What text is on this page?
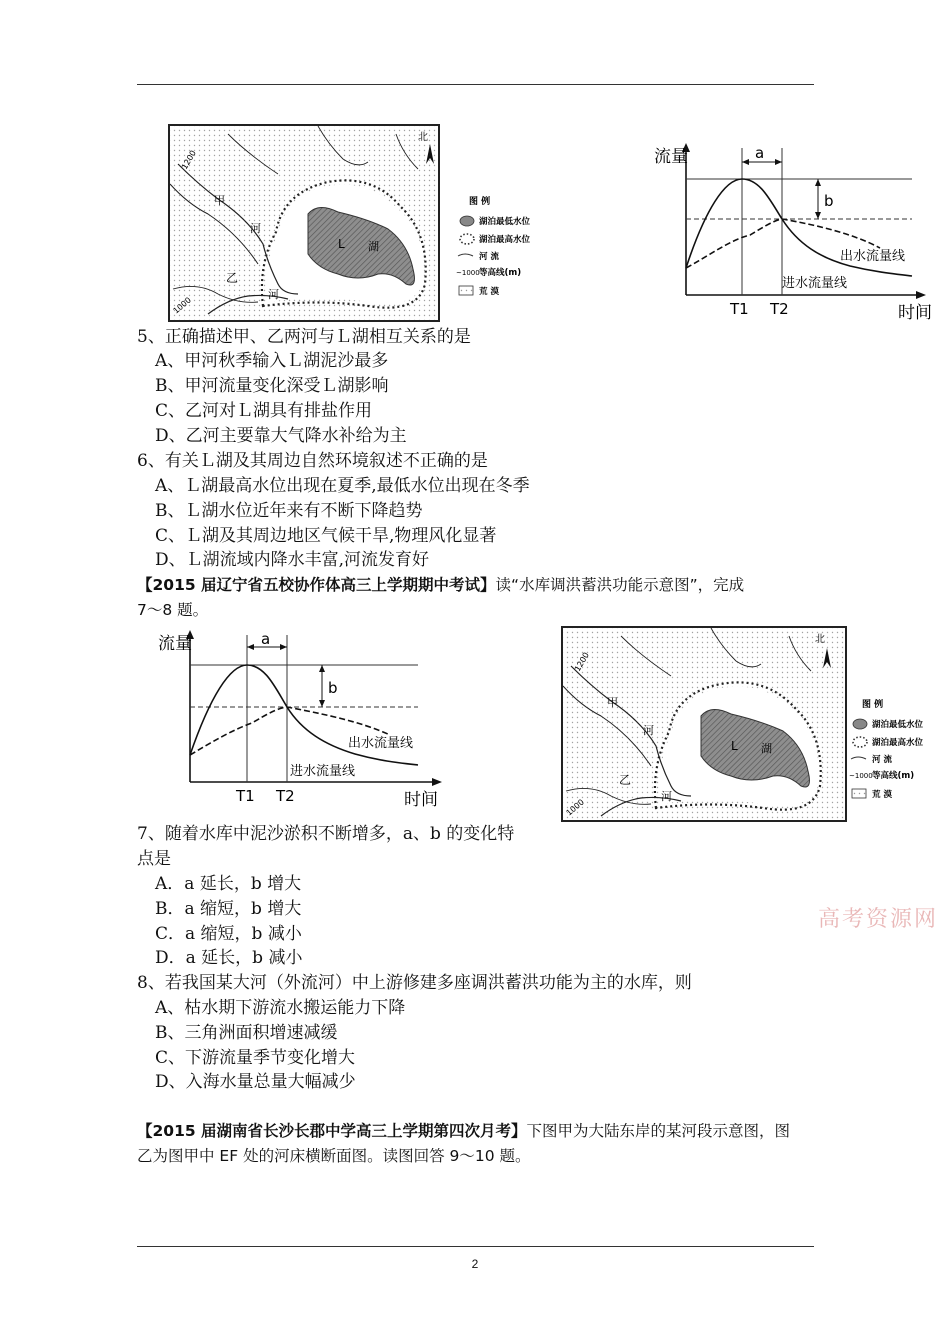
北
1200
1000
甲
河
乙
河
L 湖
图 例
湖泊最低水位
湖泊最高水位
河 流
~1000 等高线(m)
荒 漠
流量	a
b
出水流量线
进水流量线
T1 T2	时间
5、正确描述甲、乙两河与Ｌ湖相互关系的是
A、甲河秋季输入Ｌ湖泥沙最多
B、甲河流量变化深受Ｌ湖影响
C、乙河对Ｌ湖具有排盐作用
D、乙河主要靠大气降水补给为主
6、有关Ｌ湖及其周边自然环境叙述不正确的是
A、Ｌ湖最高水位出现在夏季,最低水位出现在冬季
B、Ｌ湖水位近年来有不断下降趋势
C、Ｌ湖及其周边地区气候干旱,物理风化显著
D、Ｌ湖流域内降水丰富,河流发育好
【2015 届辽宁省五校协作体高三上学期期中考试】读“水库调洪蓄洪功能示意图”，完成
7～8 题。
流量	a
b
出水流量线
进水流量线
T1 T2	时间
北
1200
1000
甲
河
乙
河
L 湖
图 例
湖泊最低水位
湖泊最高水位
河 流
~1000 等高线(m)
荒 漠
7、随着水库中泥沙淤积不断增多，a、b 的变化特
点是
A．a 延长，b 增大
B．a 缩短，b 增大
C．a 缩短，b 减小
D．a 延长，b 减小
高考资源网
8、若我国某大河（外流河）中上游修建多座调洪蓄洪功能为主的水库，则
A、枯水期下游流水搬运能力下降
B、三角洲面积增速减缓
C、下游流量季节变化增大
D、入海水量总量大幅减少
【2015 届湖南省长沙长郡中学高三上学期第四次月考】下图甲为大陆东岸的某河段示意图，图
乙为图甲中 EF 处的河床横断面图。读图回答 9～10 题。
2
